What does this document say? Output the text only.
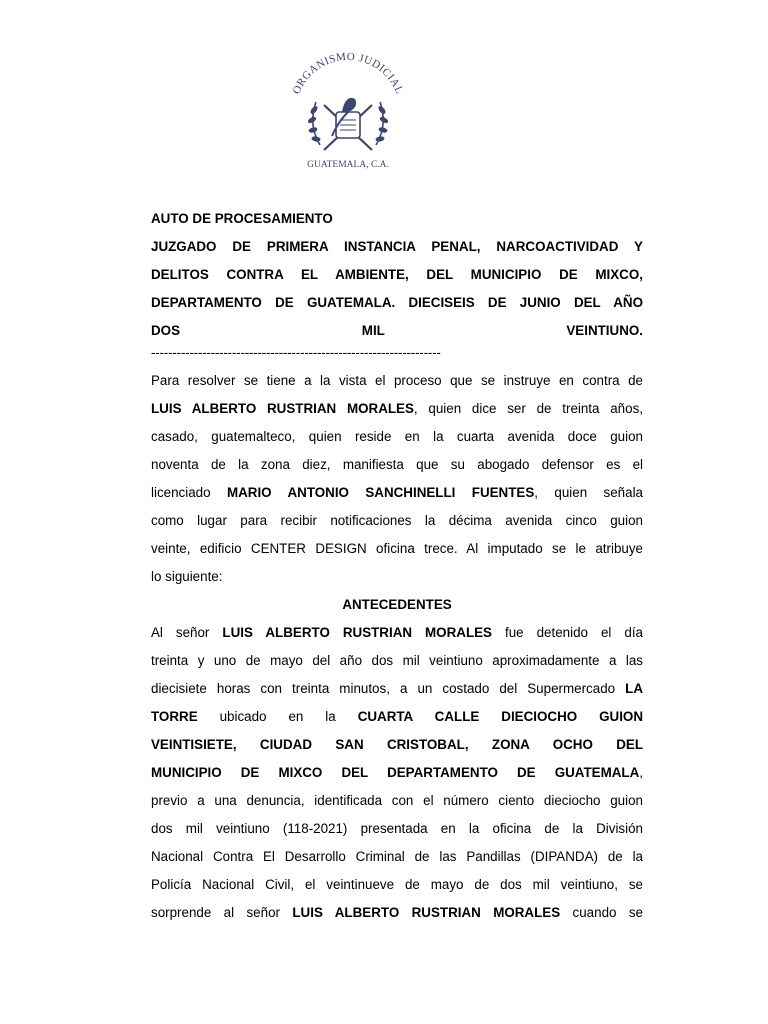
ORGANISMO JUDICIAL
GUATEMALA, C.A.
AUTO DE PROCESAMIENTO
JUZGADO DE PRIMERA INSTANCIA PENAL, NARCOACTIVIDAD Y
DELITOS CONTRA EL AMBIENTE, DEL MUNICIPIO DE MIXCO,
DEPARTAMENTO DE GUATEMALA. DIECISEIS DE JUNIO DEL AÑO
DOS MIL VEINTIUNO.
--------------------------------------------------------------------
Para resolver se tiene a la vista el proceso que se instruye en contra de
LUIS ALBERTO RUSTRIAN MORALES, quien dice ser de treinta años,
casado, guatemalteco, quien reside en la cuarta avenida doce guion
noventa de la zona diez, manifiesta que su abogado defensor es el
licenciado MARIO ANTONIO SANCHINELLI FUENTES, quien señala
como lugar para recibir notificaciones la décima avenida cinco guion
veinte, edificio CENTER DESIGN oficina trece. Al imputado se le atribuye
lo siguiente:
ANTECEDENTES
Al señor LUIS ALBERTO RUSTRIAN MORALES fue detenido el día
treinta y uno de mayo del año dos mil veintiuno aproximadamente a las
diecisiete horas con treinta minutos, a un costado del Supermercado LA
TORRE ubicado en la CUARTA CALLE DIECIOCHO GUION
VEINTISIETE, CIUDAD SAN CRISTOBAL, ZONA OCHO DEL
MUNICIPIO DE MIXCO DEL DEPARTAMENTO DE GUATEMALA,
previo a una denuncia, identificada con el número ciento dieciocho guion
dos mil veintiuno (118-2021) presentada en la oficina de la División
Nacional Contra El Desarrollo Criminal de las Pandillas (DIPANDA) de la
Policía Nacional Civil, el veintinueve de mayo de dos mil veintiuno, se
sorprende al señor LUIS ALBERTO RUSTRIAN MORALES cuando se
